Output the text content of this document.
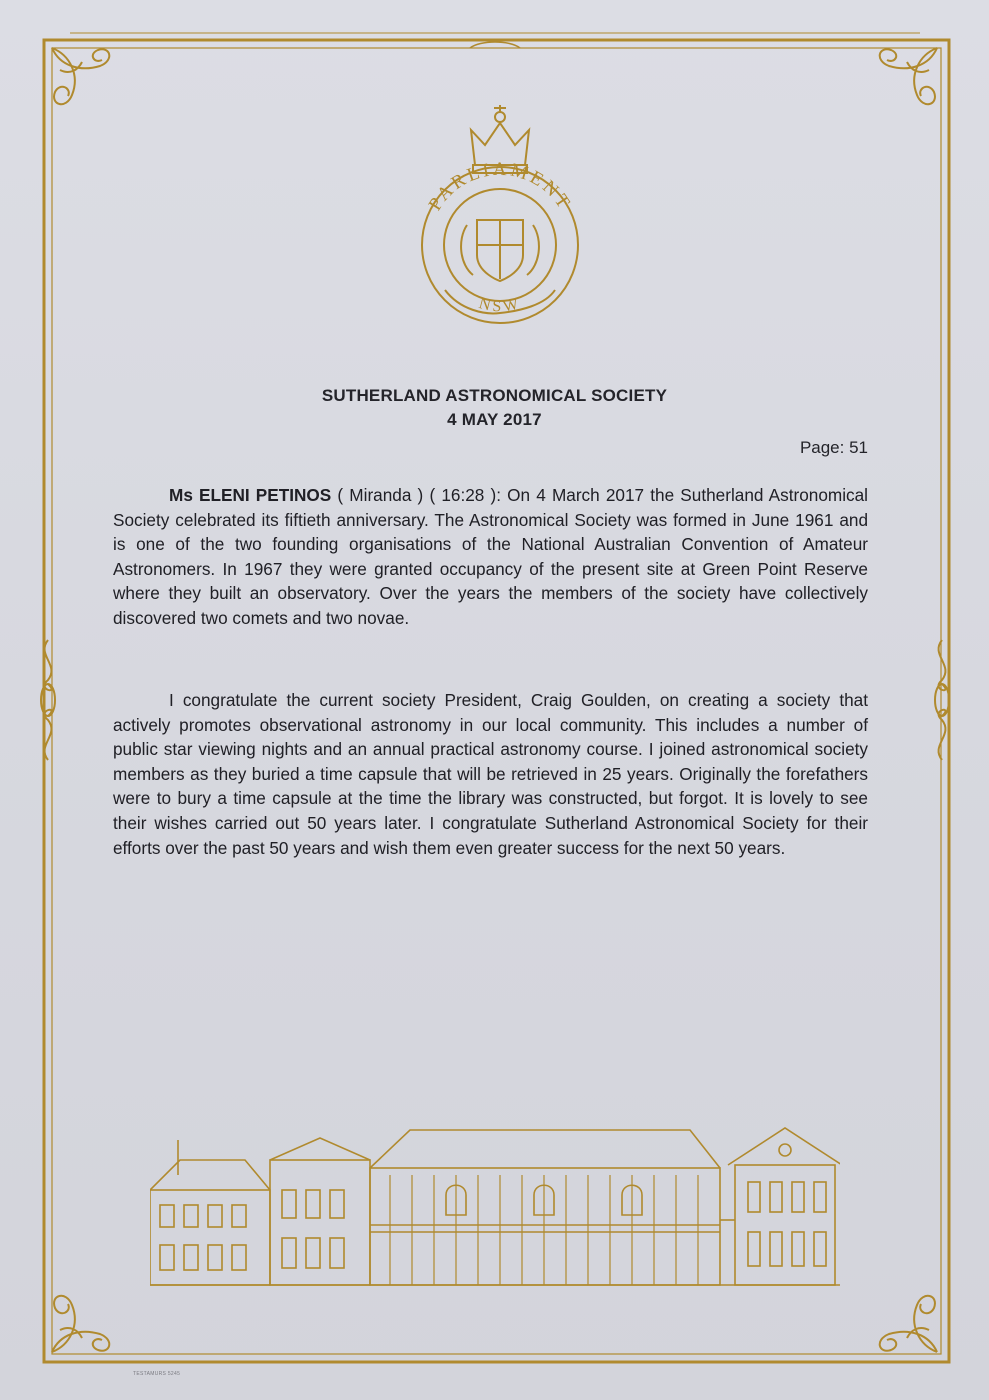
PARLIAMENT
NSW
SUTHERLAND ASTRONOMICAL SOCIETY
4 MAY 2017
Page: 51
Ms ELENI PETINOS ( Miranda ) ( 16:28 ): On 4 March 2017 the Sutherland Astronomical Society celebrated its fiftieth anniversary. The Astronomical Society was formed in June 1961 and is one of the two founding organisations of the National Australian Convention of Amateur Astronomers. In 1967 they were granted occupancy of the present site at Green Point Reserve where they built an observatory. Over the years the members of the society have collectively discovered two comets and two novae.
I congratulate the current society President, Craig Goulden, on creating a society that actively promotes observational astronomy in our local community. This includes a number of public star viewing nights and an annual practical astronomy course. I joined astronomical society members as they buried a time capsule that will be retrieved in 25 years. Originally the forefathers were to bury a time capsule at the time the library was constructed, but forgot. It is lovely to see their wishes carried out 50 years later. I congratulate Sutherland Astronomical Society for their efforts over the past 50 years and wish them even greater success for the next 50 years.
TESTAMURS 5245
